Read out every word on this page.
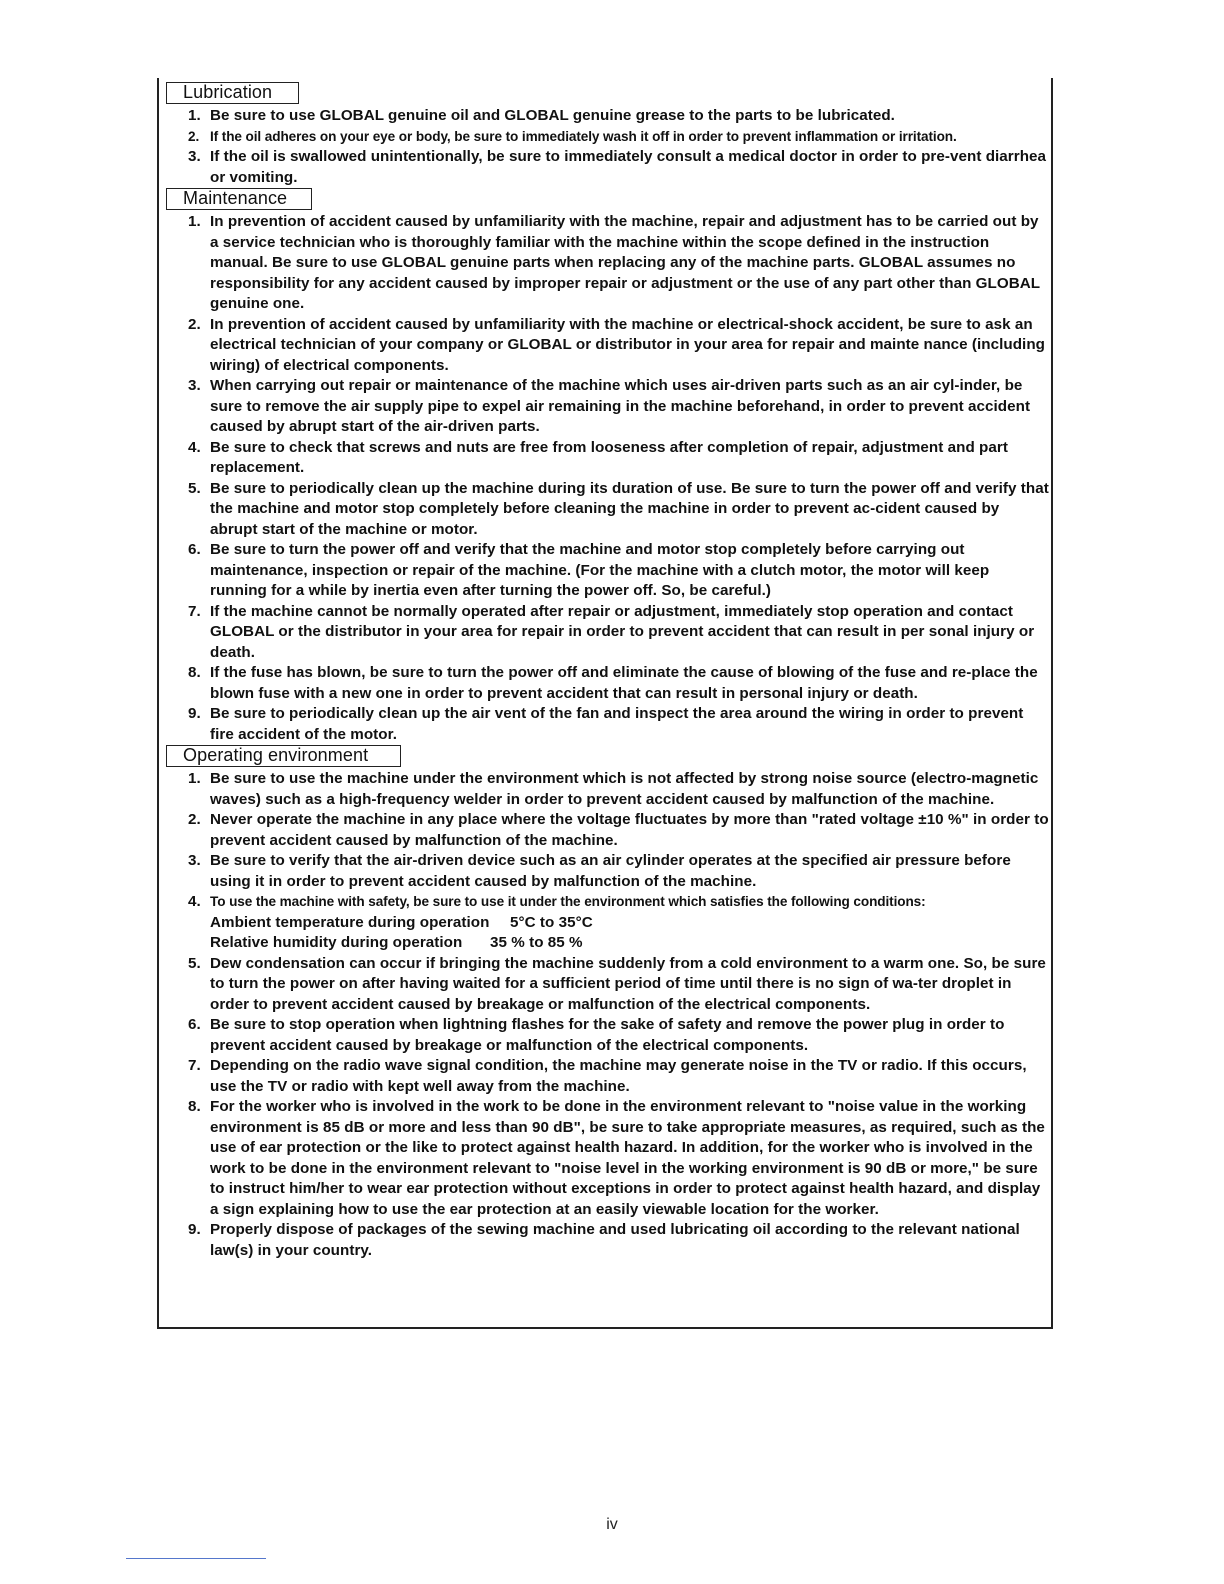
Lubrication
1. Be sure to use GLOBAL genuine oil and GLOBAL genuine grease to the parts to be lubricated.
2. If the oil adheres on your eye or body, be sure to immediately wash it off in order to prevent inflammation or irritation.
3. If the oil is swallowed unintentionally, be sure to immediately consult a medical doctor in order to pre-vent diarrhea or vomiting.
Maintenance
1. In prevention of accident caused by unfamiliarity with the machine, repair and adjustment has to be carried out by a service technician who is thoroughly familiar with the machine within the scope defined in the instruction manual. Be sure to use GLOBAL genuine parts when replacing any of the machine parts. GLOBAL assumes no responsibility for any accident caused by improper repair or adjustment or the use of any part other than GLOBAL genuine one.
2. In prevention of accident caused by unfamiliarity with the machine or electrical-shock accident, be sure to ask an electrical technician of your company or GLOBAL or distributor in your area for repair and mainte nance (including wiring) of electrical components.
3. When carrying out repair or maintenance of the machine which uses air-driven parts such as an air cyl-inder, be sure to remove the air supply pipe to expel air remaining in the machine beforehand, in order to prevent accident caused by abrupt start of the air-driven parts.
4. Be sure to check that screws and nuts are free from looseness after completion of repair, adjustment and part replacement.
5. Be sure to periodically clean up the machine during its duration of use. Be sure to turn the power off and verify that the machine and motor stop completely before cleaning the machine in order to prevent ac-cident caused by abrupt start of the machine or motor.
6. Be sure to turn the power off and verify that the machine and motor stop completely before carrying out maintenance, inspection or repair of the machine. (For the machine with a clutch motor, the motor will keep running for a while by inertia even after turning the power off. So, be careful.)
7. If the machine cannot be normally operated after repair or adjustment, immediately stop operation and contact GLOBAL or the distributor in your area for repair in order to prevent accident that can result in per sonal injury or death.
8. If the fuse has blown, be sure to turn the power off and eliminate the cause of blowing of the fuse and re-place the blown fuse with a new one in order to prevent accident that can result in personal injury or death.
9. Be sure to periodically clean up the air vent of the fan and inspect the area around the wiring in order to prevent fire accident of the motor.
Operating environment
1. Be sure to use the machine under the environment which is not affected by strong noise source (electro-magnetic waves) such as a high-frequency welder in order to prevent accident caused by malfunction of the machine.
2. Never operate the machine in any place where the voltage fluctuates by more than "rated voltage ±10 %" in order to prevent accident caused by malfunction of the machine.
3. Be sure to verify that the air-driven device such as an air cylinder operates at the specified air pressure before using it in order to prevent accident caused by malfunction of the machine.
4. To use the machine with safety, be sure to use it under the environment which satisfies the following conditions:
Ambient temperature during operation 5°C to 35°C
Relative humidity during operation 35 % to 85 %
5. Dew condensation can occur if bringing the machine suddenly from a cold environment to a warm one. So, be sure to turn the power on after having waited for a sufficient period of time until there is no sign of wa-ter droplet in order to prevent accident caused by breakage or malfunction of the electrical components.
6. Be sure to stop operation when lightning flashes for the sake of safety and remove the power plug in order to prevent accident caused by breakage or malfunction of the electrical components.
7. Depending on the radio wave signal condition, the machine may generate noise in the TV or radio. If this occurs, use the TV or radio with kept well away from the machine.
8. For the worker who is involved in the work to be done in the environment relevant to "noise value in the working environment is 85 dB or more and less than 90 dB", be sure to take appropriate measures, as required, such as the use of ear protection or the like to protect against health hazard. In addition, for the worker who is involved in the work to be done in the environment relevant to "noise level in the working environment is 90 dB or more," be sure to instruct him/her to wear ear protection without exceptions in order to protect against health hazard, and display a sign explaining how to use the ear protection at an easily viewable location for the worker.
9. Properly dispose of packages of the sewing machine and used lubricating oil according to the relevant national law(s) in your country.
iv
